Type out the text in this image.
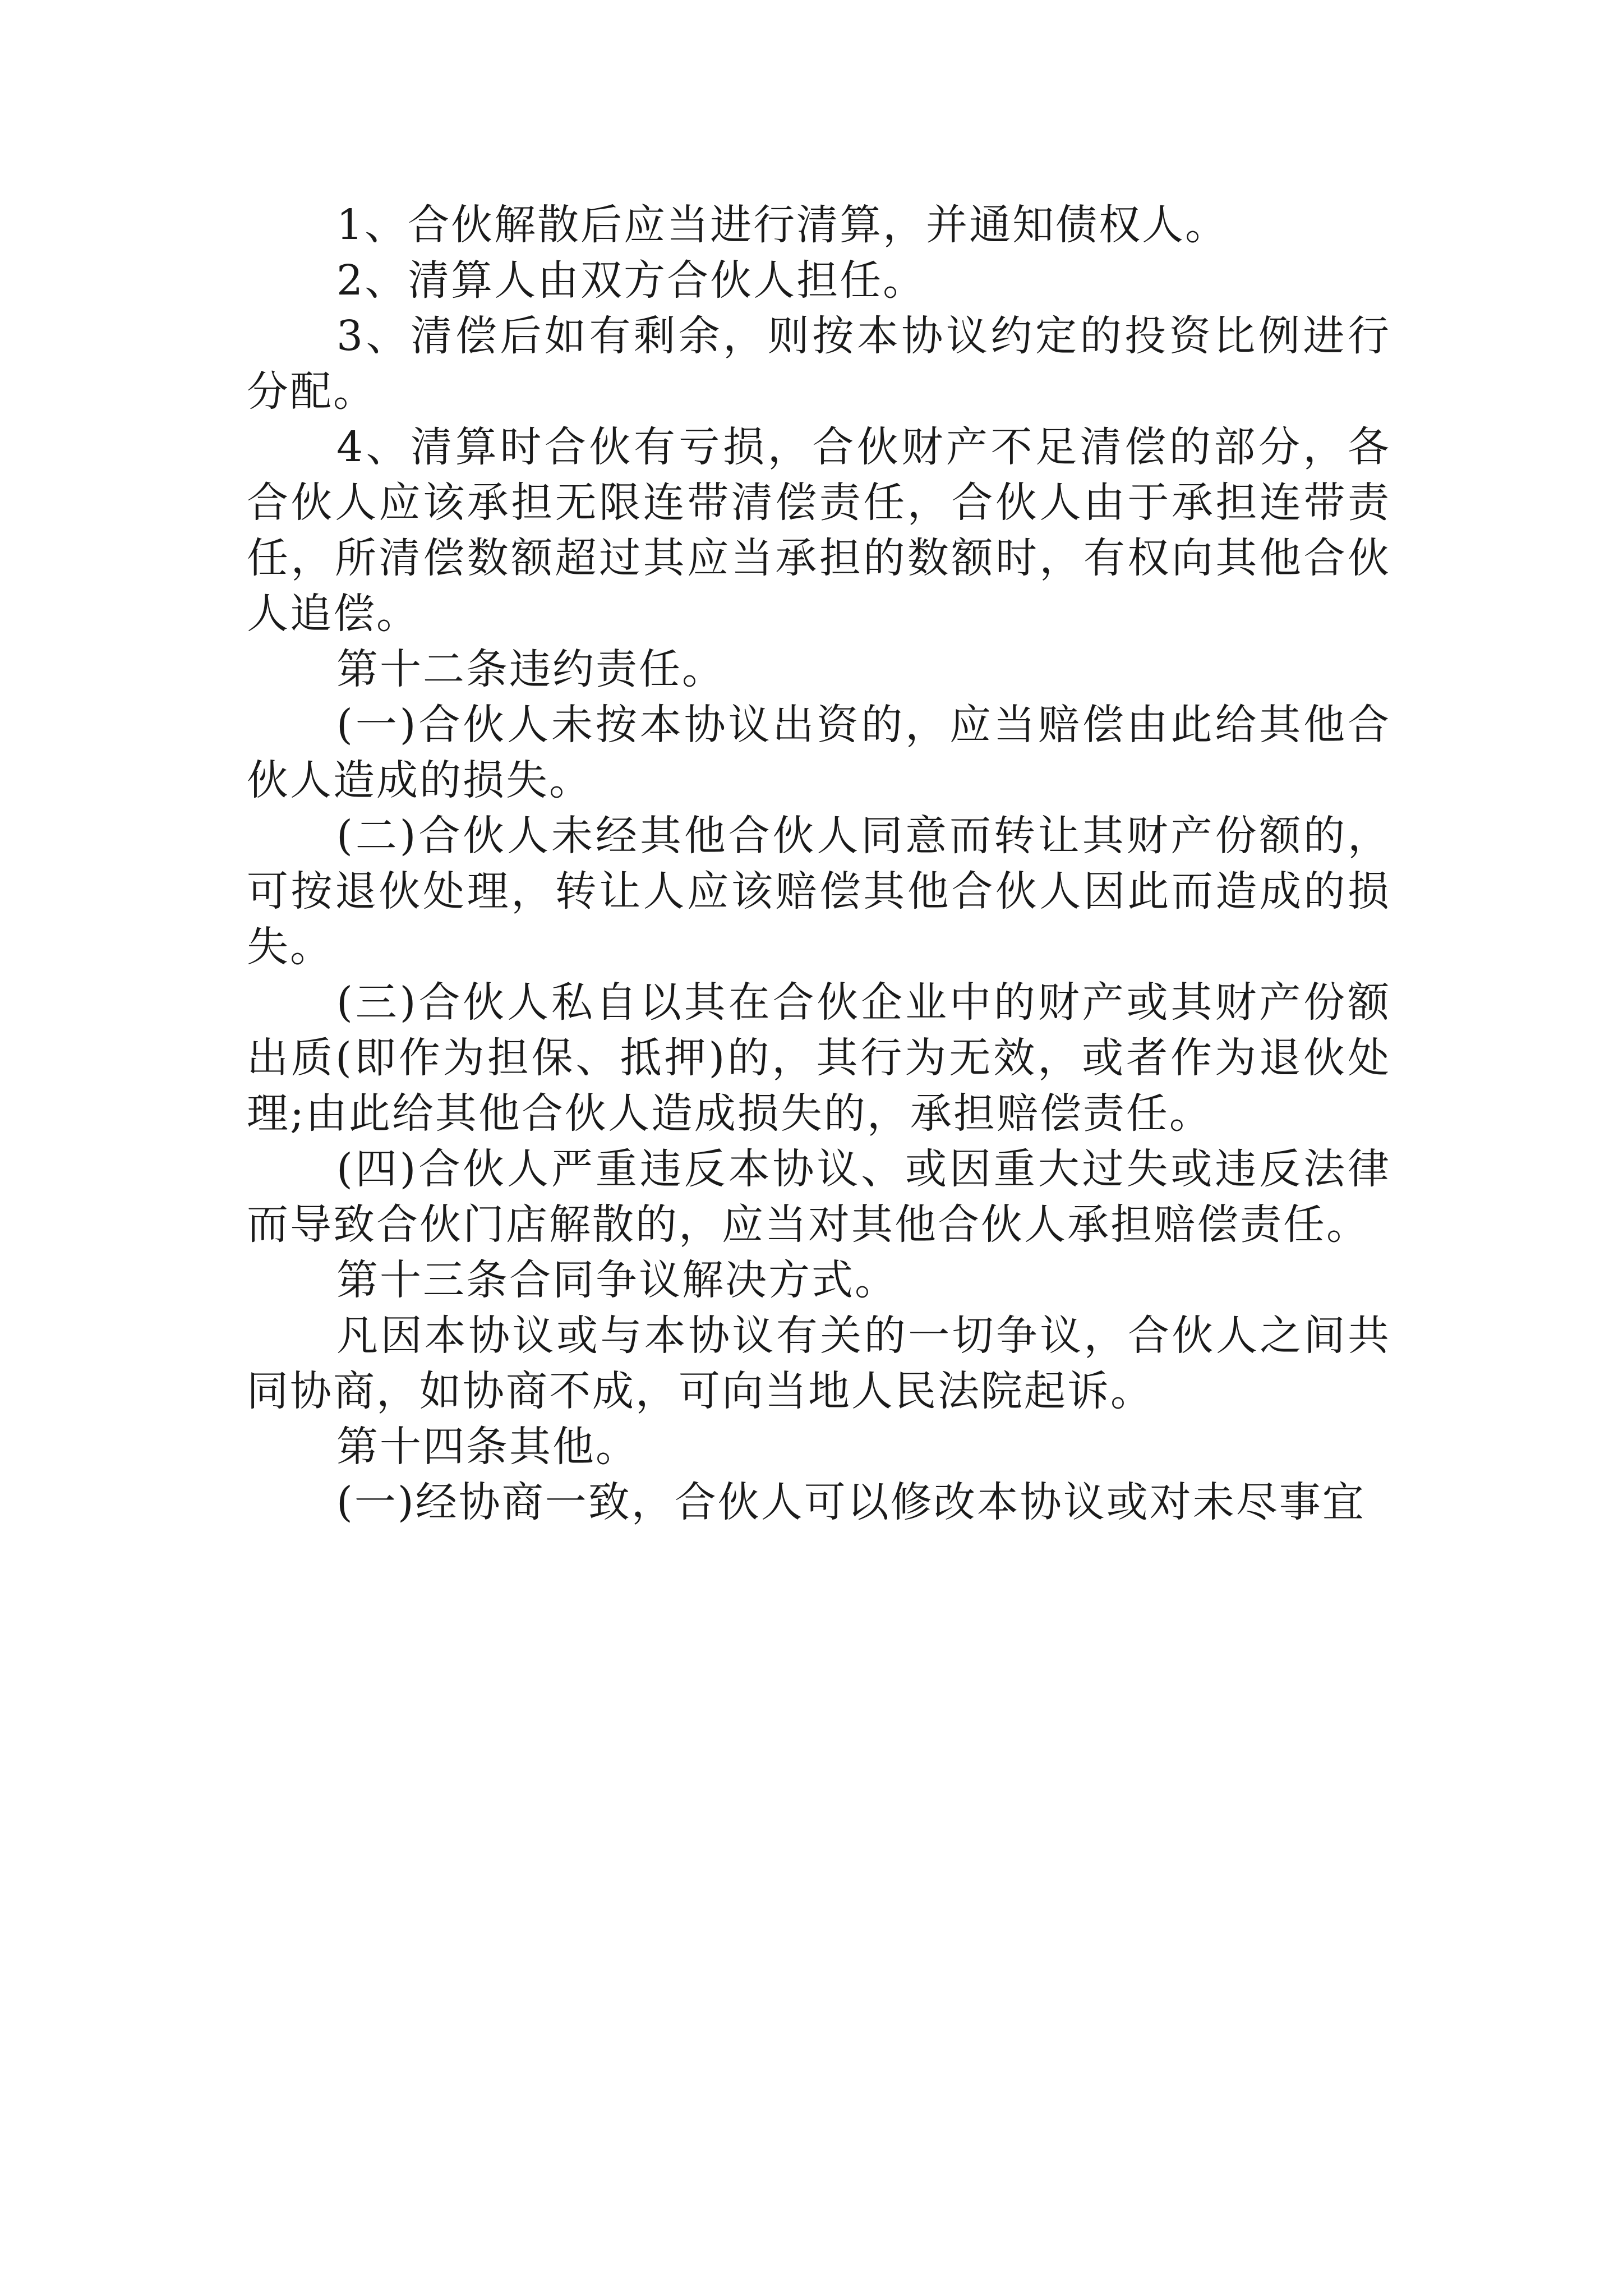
1、合伙解散后应当进行清算，并通知债权人。

2、清算人由双方合伙人担任。

3、清偿后如有剩余，则按本协议约定的投资比例进行分配。

4、清算时合伙有亏损，合伙财产不足清偿的部分，各合伙人应该承担无限连带清偿责任，合伙人由于承担连带责任，所清偿数额超过其应当承担的数额时，有权向其他合伙人追偿。

第十二条违约责任。

(一)合伙人未按本协议出资的，应当赔偿由此给其他合伙人造成的损失。

(二)合伙人未经其他合伙人同意而转让其财产份额的，可按退伙处理，转让人应该赔偿其他合伙人因此而造成的损失。

(三)合伙人私自以其在合伙企业中的财产或其财产份额出质(即作为担保、抵押)的，其行为无效，或者作为退伙处理;由此给其他合伙人造成损失的，承担赔偿责任。

(四)合伙人严重违反本协议、或因重大过失或违反法律而导致合伙门店解散的，应当对其他合伙人承担赔偿责任。

第十三条合同争议解决方式。

凡因本协议或与本协议有关的一切争议，合伙人之间共同协商，如协商不成，可向当地人民法院起诉。

第十四条其他。

(一)经协商一致，合伙人可以修改本协议或对未尽事宜
